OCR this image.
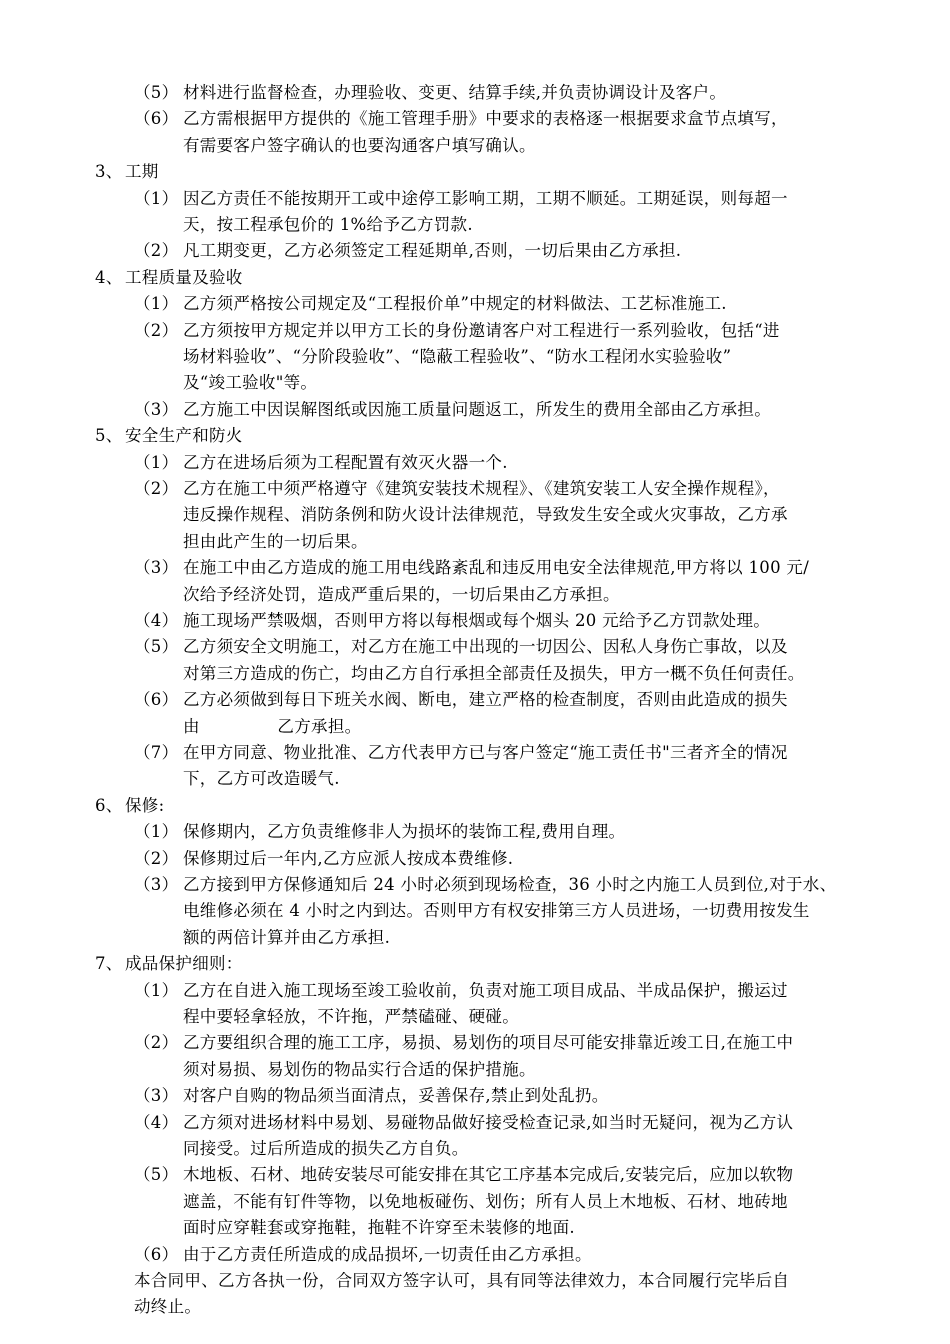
（5） 材料进行监督检查，办理验收、变更、结算手续,并负责协调设计及客户。
（6） 乙方需根据甲方提供的《施工管理手册》中要求的表格逐一根据要求盒节点填写，
有需要客户签字确认的也要沟通客户填写确认。
3、 工期
（1） 因乙方责任不能按期开工或中途停工影响工期，工期不顺延。工期延误，则每超一
天，按工程承包价的 1%给予乙方罚款.
（2） 凡工期变更，乙方必须签定工程延期单,否则，一切后果由乙方承担.
4、 工程质量及验收
（1） 乙方须严格按公司规定及“工程报价单”中规定的材料做法、工艺标准施工.
（2） 乙方须按甲方规定并以甲方工长的身份邀请客户对工程进行一系列验收，包括“进
场材料验收”、“分阶段验收”、“隐蔽工程验收”、“防水工程闭水实验验收”
及“竣工验收"等。
（3） 乙方施工中因误解图纸或因施工质量问题返工，所发生的费用全部由乙方承担。
5、 安全生产和防火
（1） 乙方在进场后须为工程配置有效灭火器一个.
（2） 乙方在施工中须严格遵守《建筑安装技术规程》、《建筑安装工人安全操作规程》，
违反操作规程、消防条例和防火设计法律规范，导致发生安全或火灾事故，乙方承
担由此产生的一切后果。
（3） 在施工中由乙方造成的施工用电线路紊乱和违反用电安全法律规范,甲方将以 100 元/
次给予经济处罚，造成严重后果的，一切后果由乙方承担。
（4） 施工现场严禁吸烟，否则甲方将以每根烟或每个烟头 20 元给予乙方罚款处理。
（5） 乙方须安全文明施工，对乙方在施工中出现的一切因公、因私人身伤亡事故，以及
对第三方造成的伤亡，均由乙方自行承担全部责任及损失，甲方一概不负任何责任。
（6） 乙方必须做到每日下班关水阀、断电，建立严格的检查制度，否则由此造成的损失
由              乙方承担。
（7） 在甲方同意、物业批准、乙方代表甲方已与客户签定“施工责任书"三者齐全的情况
下，乙方可改造暖气.
6、 保修:
（1） 保修期内，乙方负责维修非人为损坏的装饰工程,费用自理。
（2） 保修期过后一年内,乙方应派人按成本费维修.
（3） 乙方接到甲方保修通知后 24 小时必须到现场检查，36 小时之内施工人员到位,对于水、
电维修必须在 4 小时之内到达。否则甲方有权安排第三方人员进场，一切费用按发生
额的两倍计算并由乙方承担.
7、 成品保护细则：
（1） 乙方在自进入施工现场至竣工验收前，负责对施工项目成品、半成品保护，搬运过
程中要轻拿轻放，不许拖，严禁磕碰、硬碰。
（2） 乙方要组织合理的施工工序，易损、易划伤的项目尽可能安排靠近竣工日,在施工中
须对易损、易划伤的物品实行合适的保护措施。
（3） 对客户自购的物品须当面清点，妥善保存,禁止到处乱扔。
（4） 乙方须对进场材料中易划、易碰物品做好接受检查记录,如当时无疑问，视为乙方认
同接受。过后所造成的损失乙方自负。
（5） 木地板、石材、地砖安装尽可能安排在其它工序基本完成后,安装完后，应加以软物
遮盖，不能有钉件等物，以免地板碰伤、划伤；所有人员上木地板、石材、地砖地
面时应穿鞋套或穿拖鞋，拖鞋不许穿至未装修的地面.
（6） 由于乙方责任所造成的成品损坏,一切责任由乙方承担。
本合同甲、乙方各执一份，合同双方签字认可，具有同等法律效力，本合同履行完毕后自
动终止。
